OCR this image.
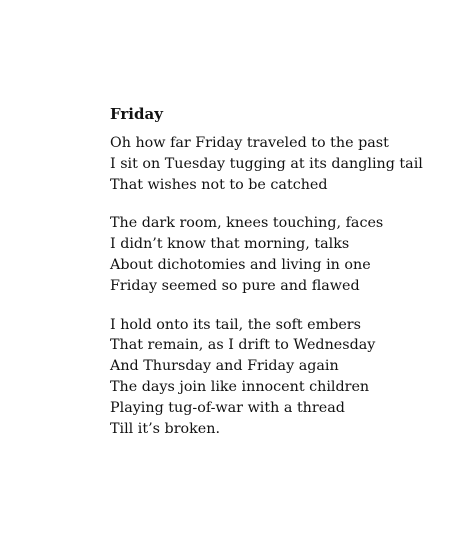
Friday
Oh how far Friday traveled to the past
I sit on Tuesday tugging at its dangling tail
That wishes not to be catched
The dark room, knees touching, faces
I didn’t know that morning, talks
About dichotomies and living in one
Friday seemed so pure and flawed
I hold onto its tail, the soft embers
That remain, as I drift to Wednesday
And Thursday and Friday again
The days join like innocent children
Playing tug-of-war with a thread
Till it’s broken.
